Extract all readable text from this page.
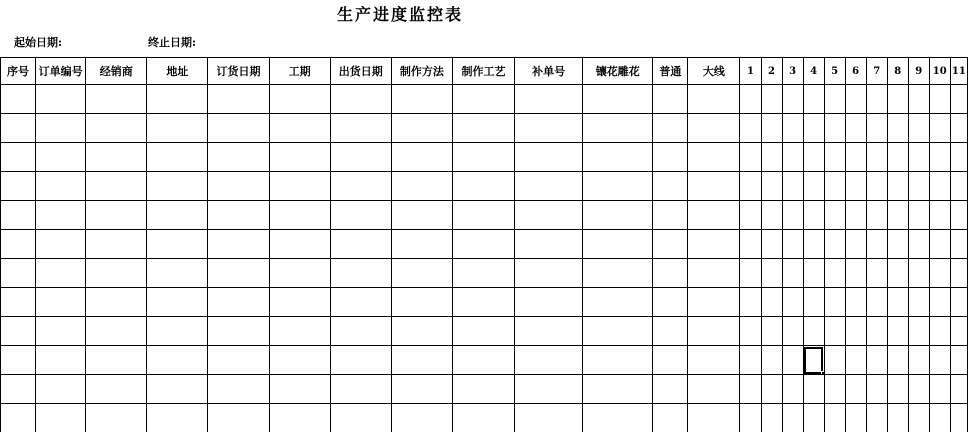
生产进度监控表
起始日期:	终止日期:
序号	订单编号	经销商	地址	订货日期	工期	出货日期	制作方法	制作工艺	补单号	镶花雕花	普通	大线	1	2	3	4	5	6	7	8	9	10	11
